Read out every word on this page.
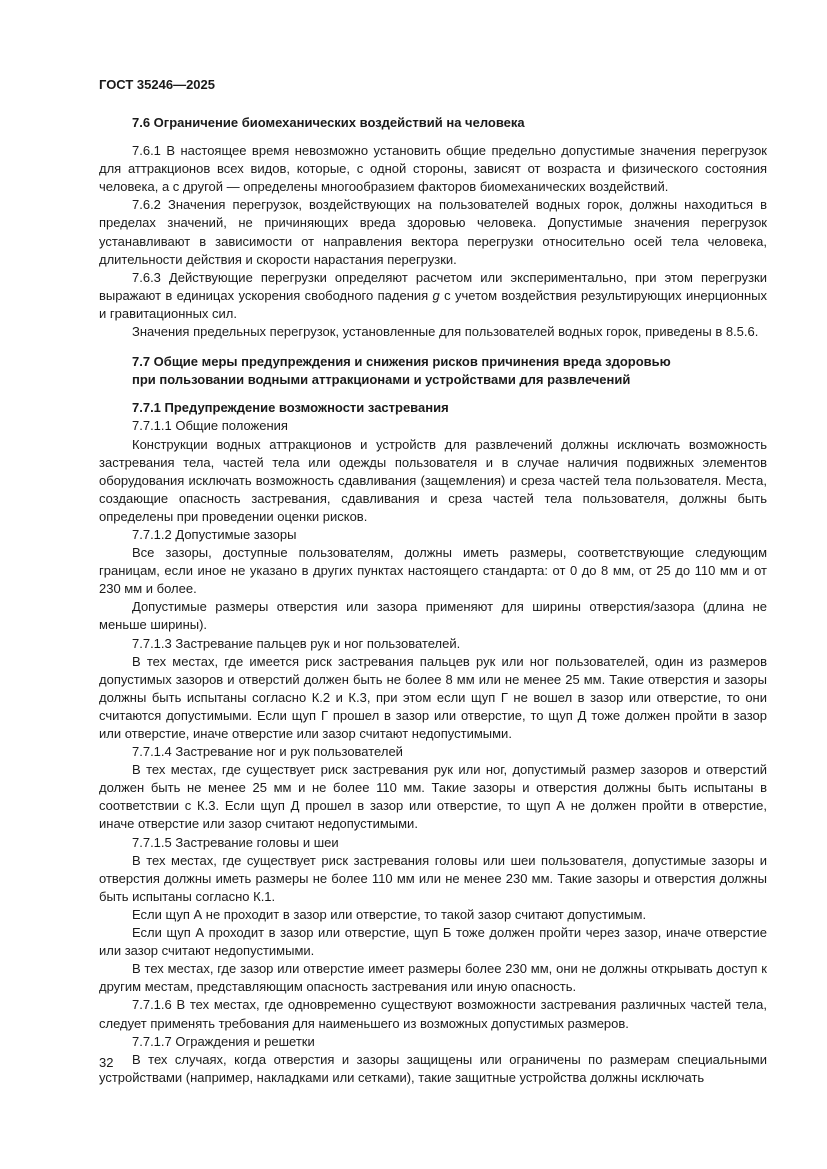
ГОСТ 35246—2025

7.6 Ограничение биомеханических воздействий на человека

7.6.1 В настоящее время невозможно установить общие предельно допустимые значения перегрузок для аттракционов всех видов, которые, с одной стороны, зависят от возраста и физического состояния человека, а с другой — определены многообразием факторов биомеханических воздействий.

7.6.2 Значения перегрузок, воздействующих на пользователей водных горок, должны находиться в пределах значений, не причиняющих вреда здоровью человека. Допустимые значения перегрузок устанавливают в зависимости от направления вектора перегрузки относительно осей тела человека, длительности действия и скорости нарастания перегрузки.

7.6.3 Действующие перегрузки определяют расчетом или экспериментально, при этом перегрузки выражают в единицах ускорения свободного падения g с учетом воздействия результирующих инерционных и гравитационных сил.

Значения предельных перегрузок, установленные для пользователей водных горок, приведены в 8.5.6.

7.7 Общие меры предупреждения и снижения рисков причинения вреда здоровью
при пользовании водными аттракционами и устройствами для развлечений

7.7.1 Предупреждение возможности застревания

7.7.1.1 Общие положения

Конструкции водных аттракционов и устройств для развлечений должны исключать возможность застревания тела, частей тела или одежды пользователя и в случае наличия подвижных элементов оборудования исключать возможность сдавливания (защемления) и среза частей тела пользователя. Места, создающие опасность застревания, сдавливания и среза частей тела пользователя, должны быть определены при проведении оценки рисков.

7.7.1.2 Допустимые зазоры

Все зазоры, доступные пользователям, должны иметь размеры, соответствующие следующим границам, если иное не указано в других пунктах настоящего стандарта: от 0 до 8 мм, от 25 до 110 мм и от 230 мм и более.

Допустимые размеры отверстия или зазора применяют для ширины отверстия/зазора (длина не меньше ширины).

7.7.1.3 Застревание пальцев рук и ног пользователей.

В тех местах, где имеется риск застревания пальцев рук или ног пользователей, один из размеров допустимых зазоров и отверстий должен быть не более 8 мм или не менее 25 мм. Такие отверстия и зазоры должны быть испытаны согласно К.2 и К.3, при этом если щуп Г не вошел в зазор или отверстие, то они считаются допустимыми. Если щуп Г прошел в зазор или отверстие, то щуп Д тоже должен пройти в зазор или отверстие, иначе отверстие или зазор считают недопустимыми.

7.7.1.4 Застревание ног и рук пользователей

В тех местах, где существует риск застревания рук или ног, допустимый размер зазоров и отверстий должен быть не менее 25 мм и не более 110 мм. Такие зазоры и отверстия должны быть испытаны в соответствии с К.3. Если щуп Д прошел в зазор или отверстие, то щуп А не должен пройти в отверстие, иначе отверстие или зазор считают недопустимыми.

7.7.1.5 Застревание головы и шеи

В тех местах, где существует риск застревания головы или шеи пользователя, допустимые зазоры и отверстия должны иметь размеры не более 110 мм или не менее 230 мм. Такие зазоры и отверстия должны быть испытаны согласно К.1.

Если щуп А не проходит в зазор или отверстие, то такой зазор считают допустимым.

Если щуп А проходит в зазор или отверстие, щуп Б тоже должен пройти через зазор, иначе отверстие или зазор считают недопустимыми.

В тех местах, где зазор или отверстие имеет размеры более 230 мм, они не должны открывать доступ к другим местам, представляющим опасность застревания или иную опасность.

7.7.1.6 В тех местах, где одновременно существуют возможности застревания различных частей тела, следует применять требования для наименьшего из возможных допустимых размеров.

7.7.1.7 Ограждения и решетки

В тех случаях, когда отверстия и зазоры защищены или ограничены по размерам специальными устройствами (например, накладками или сетками), такие защитные устройства должны исключать

32
